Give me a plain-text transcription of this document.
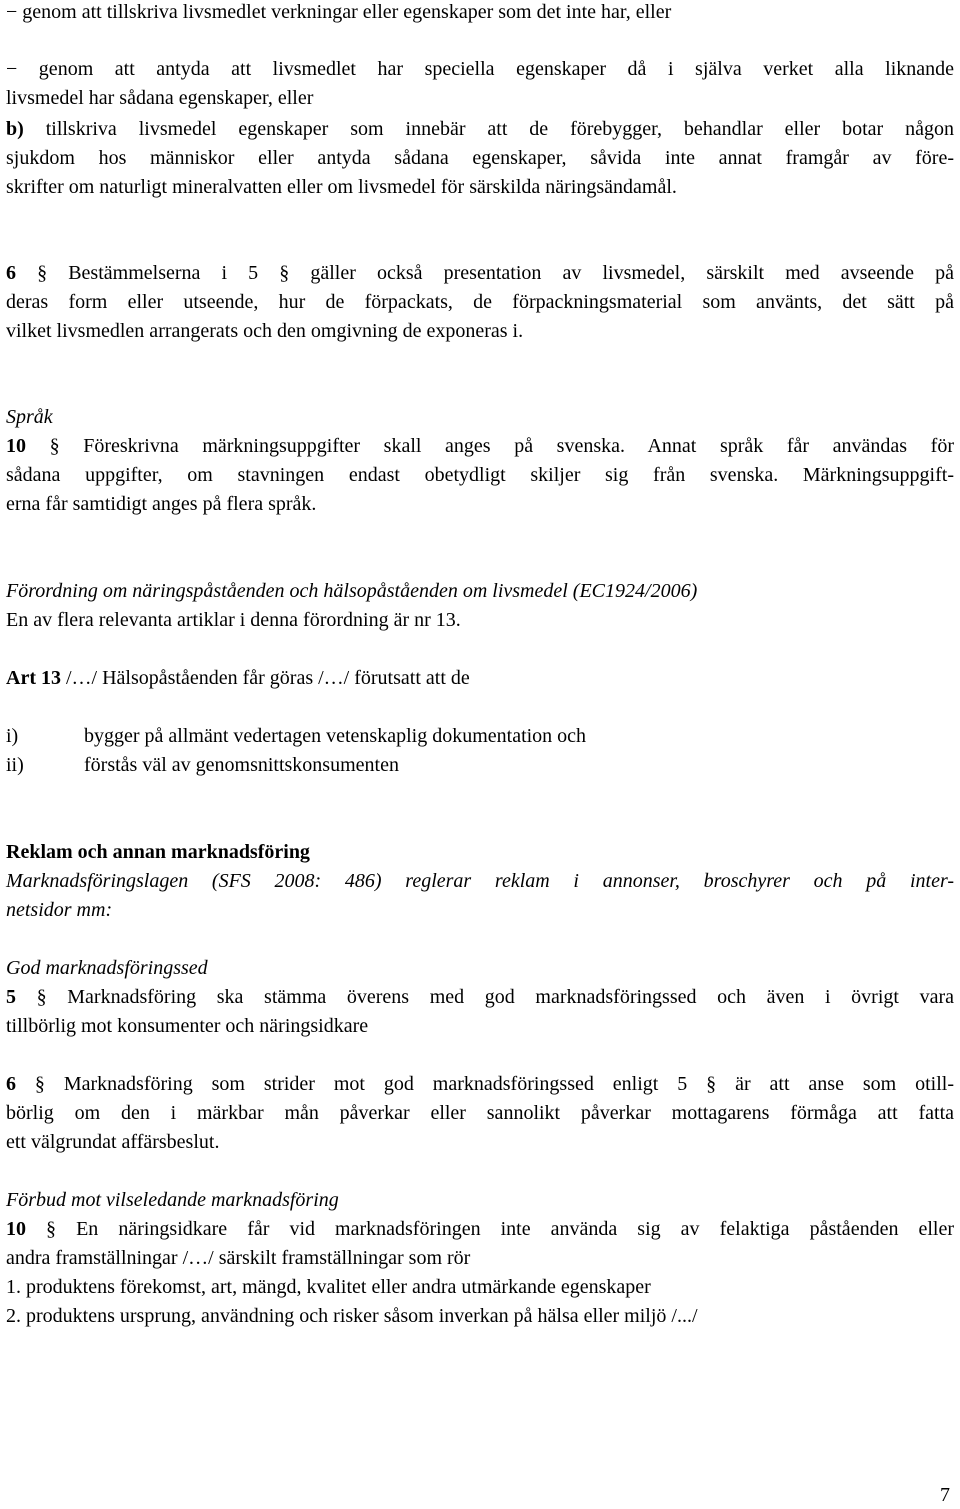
− genom att tillskriva livsmedlet verkningar eller egenskaper som det inte har, eller
− genom att antyda att livsmedlet har speciella egenskaper då i själva verket alla liknande
livsmedel har sådana egenskaper, eller
b) tillskriva livsmedel egenskaper som innebär att de förebygger, behandlar eller botar någon
sjukdom hos människor eller antyda sådana egenskaper, såvida inte annat framgår av före-
skrifter om naturligt mineralvatten eller om livsmedel för särskilda näringsändamål.
6 § Bestämmelserna i 5 § gäller också presentation av livsmedel, särskilt med avseende på
deras form eller utseende, hur de förpackats, de förpackningsmaterial som använts, det sätt på
vilket livsmedlen arrangerats och den omgivning de exponeras i.
Språk
10 § Föreskrivna märkningsuppgifter skall anges på svenska. Annat språk får användas för
sådana uppgifter, om stavningen endast obetydligt skiljer sig från svenska. Märkningsuppgift-
erna får samtidigt anges på flera språk.
Förordning om näringspåståenden och hälsopåståenden om livsmedel (EC1924/2006)
En av flera relevanta artiklar i denna förordning är nr 13.
Art 13 /…/ Hälsopåståenden får göras /…/ förutsatt att de
i)	bygger på allmänt vedertagen vetenskaplig dokumentation och
ii)	förstås väl av genomsnittskonsumenten
Reklam och annan marknadsföring
Marknadsföringslagen (SFS 2008: 486) reglerar reklam i annonser, broschyrer och på inter-
netsidor mm:
God marknadsföringssed
5 § Marknadsföring ska stämma överens med god marknadsföringssed och även i övrigt vara
tillbörlig mot konsumenter och näringsidkare
6 § Marknadsföring som strider mot god marknadsföringssed enligt 5 § är att anse som otill-
börlig om den i märkbar mån påverkar eller sannolikt påverkar mottagarens förmåga att fatta
ett välgrundat affärsbeslut.
Förbud mot vilseledande marknadsföring
10 § En näringsidkare får vid marknadsföringen inte använda sig av felaktiga påståenden eller
andra framställningar /…/ särskilt framställningar som rör
1. produktens förekomst, art, mängd, kvalitet eller andra utmärkande egenskaper
2. produktens ursprung, användning och risker såsom inverkan på hälsa eller miljö /.../
7
